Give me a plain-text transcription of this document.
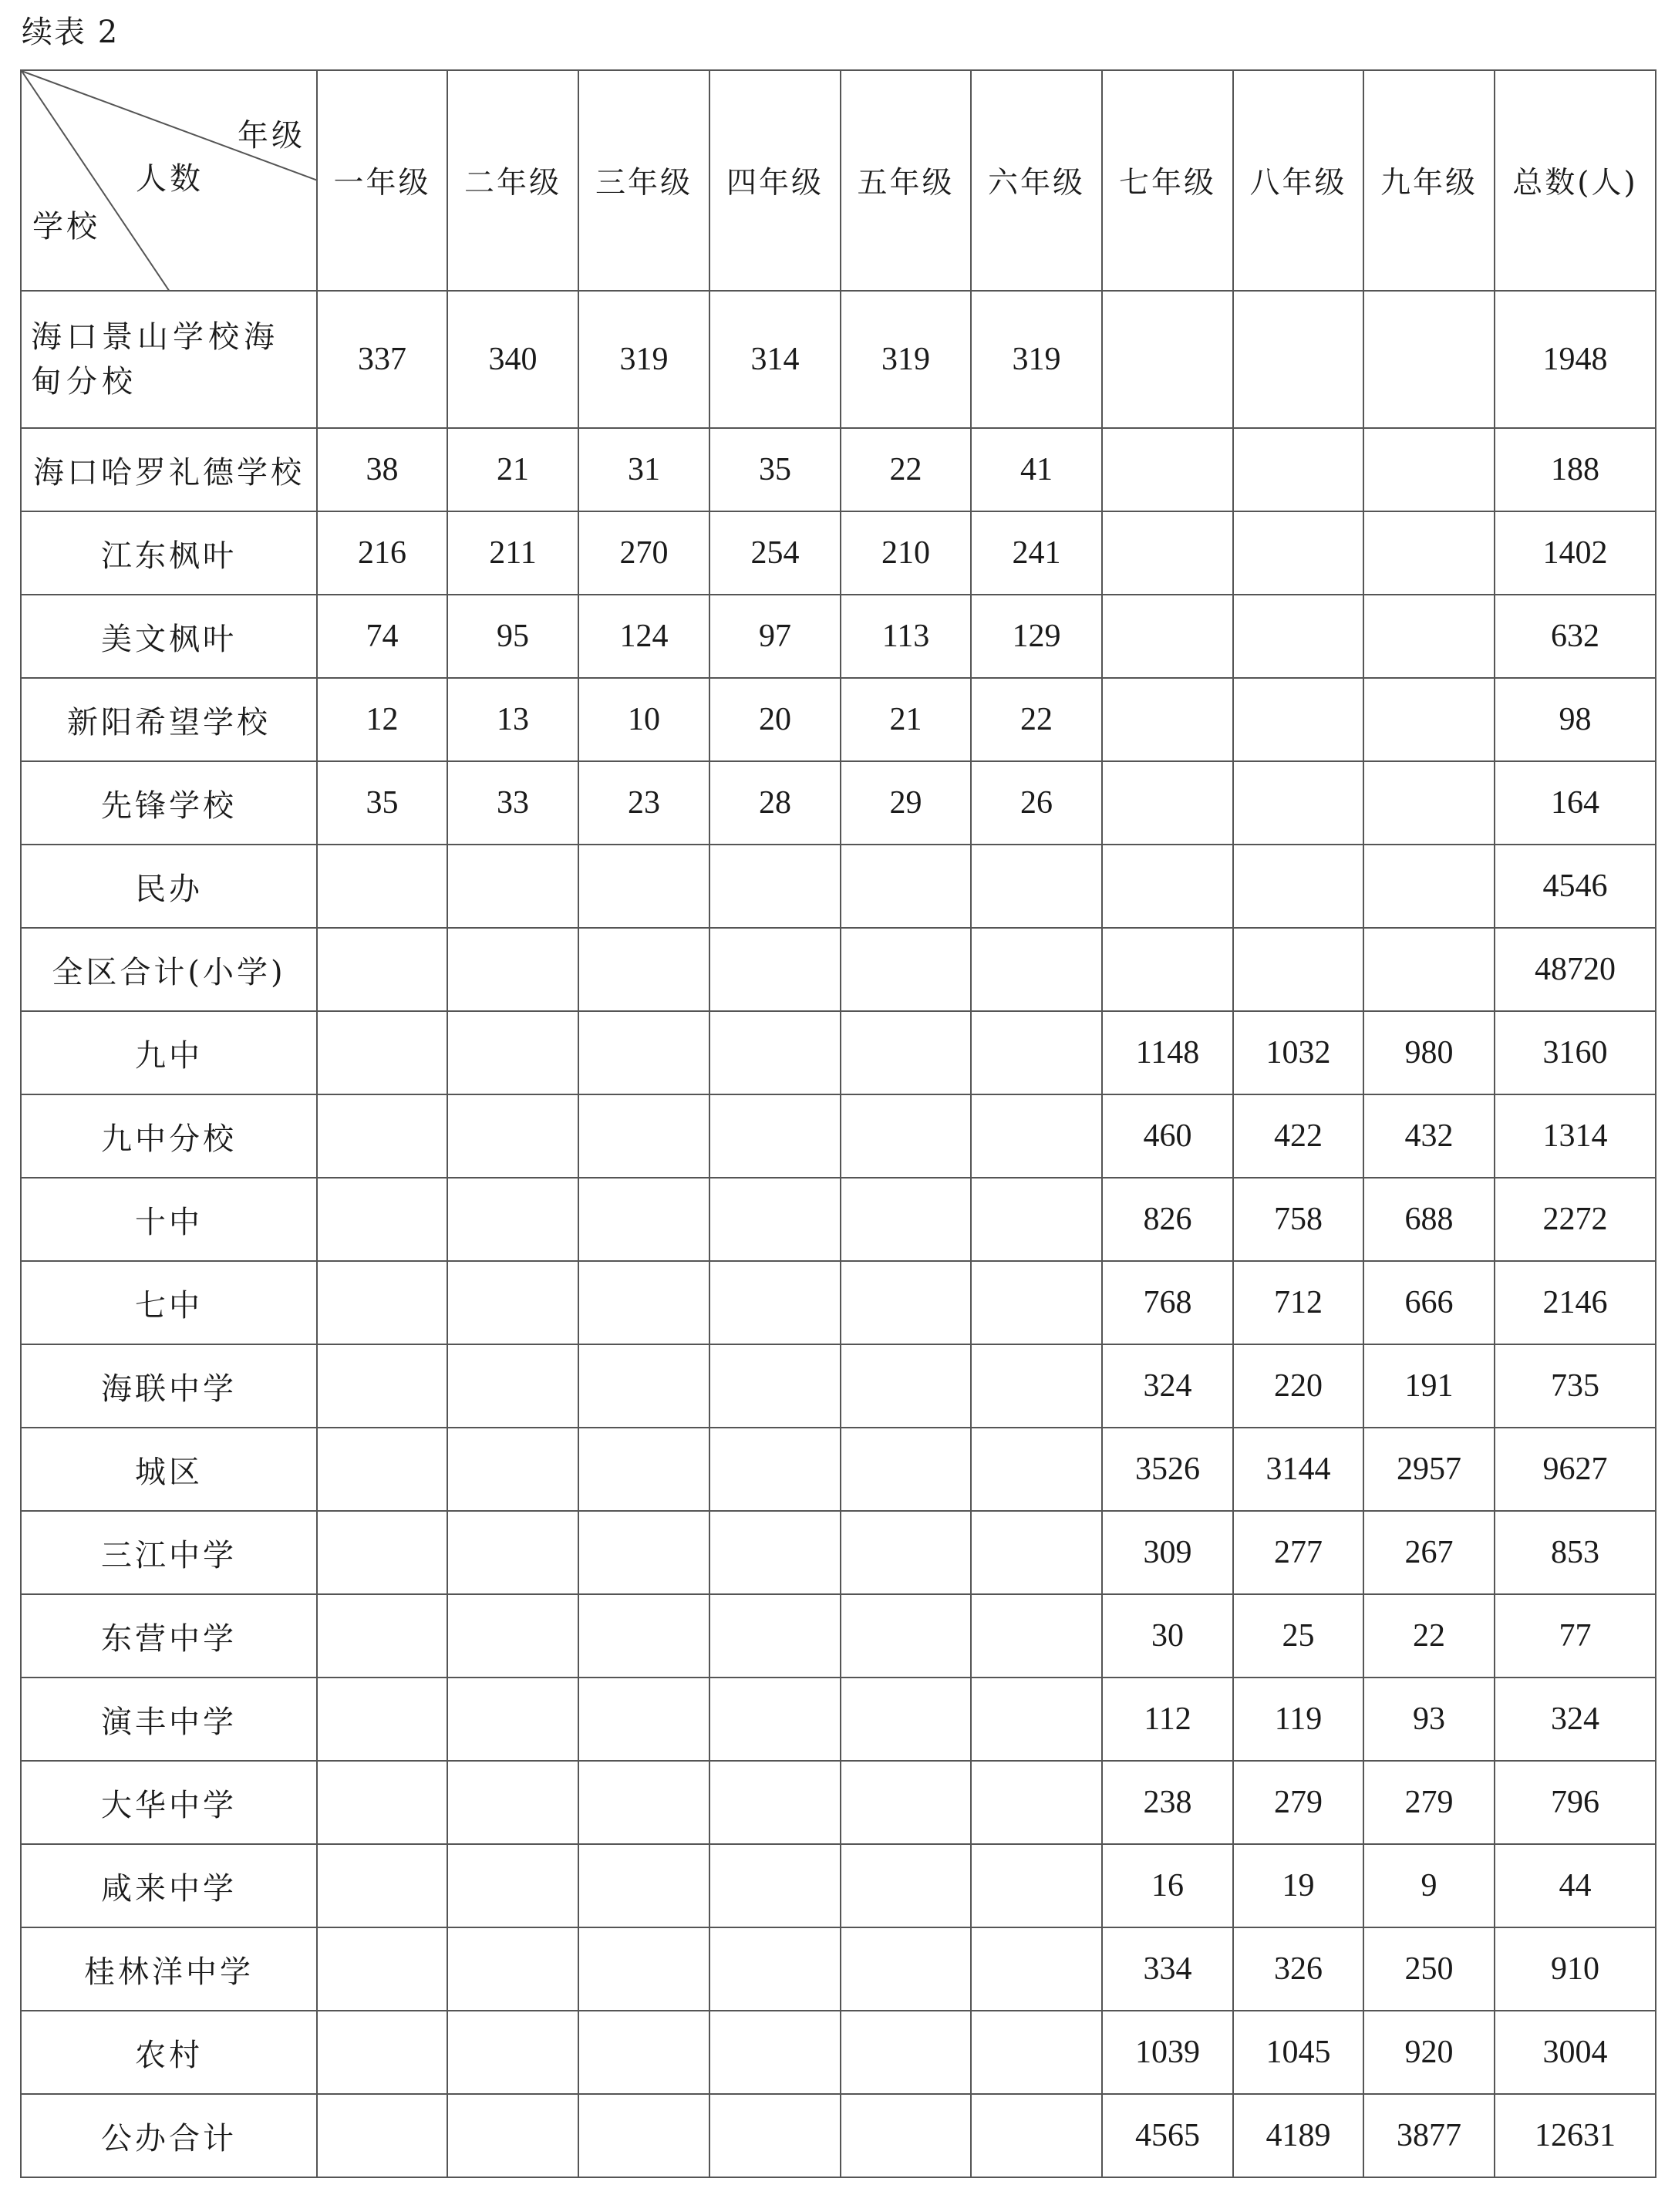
续表 2
年级
人数
学校	一年级	二年级	三年级	四年级	五年级	六年级	七年级	八年级	九年级	总数(人)
海口景山学校海甸分校	337	340	319	314	319	319				1948
海口哈罗礼德学校	38	21	31	35	22	41				188
江东枫叶	216	211	270	254	210	241				1402
美文枫叶	74	95	124	97	113	129				632
新阳希望学校	12	13	10	20	21	22				98
先锋学校	35	33	23	28	29	26				164
民办										4546
全区合计(小学)										48720
九中							1148	1032	980	3160
九中分校							460	422	432	1314
十中							826	758	688	2272
七中							768	712	666	2146
海联中学							324	220	191	735
城区							3526	3144	2957	9627
三江中学							309	277	267	853
东营中学							30	25	22	77
演丰中学							112	119	93	324
大华中学							238	279	279	796
咸来中学							16	19	9	44
桂林洋中学							334	326	250	910
农村							1039	1045	920	3004
公办合计							4565	4189	3877	12631
